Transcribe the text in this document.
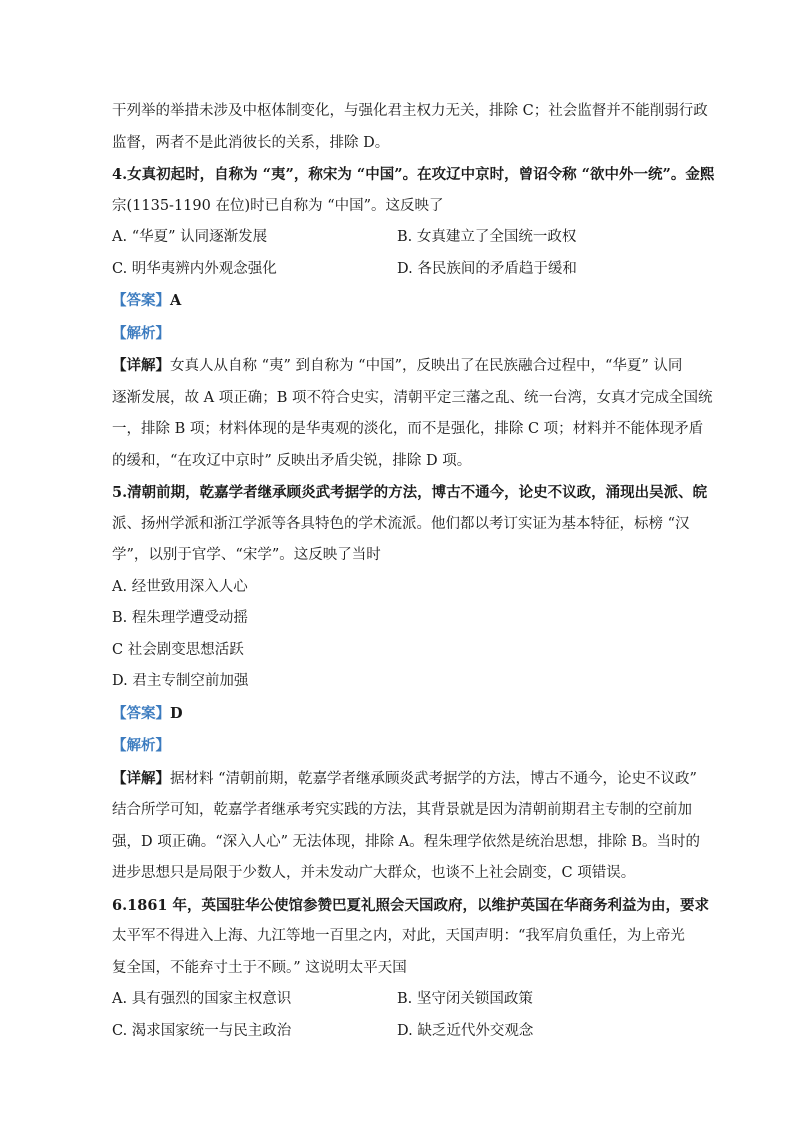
干列举的举措未涉及中枢体制变化，与强化君主权力无关，排除 C；社会监督并不能削弱行政

监督，两者不是此消彼长的关系，排除 D。

4.女真初起时，自称为 “夷”，称宋为 “中国”。在攻辽中京时，曾诏令称 “欲中外一统”。金熙

宗(1135-1190 在位)时已自称为 “中国”。这反映了

A. “华夏” 认同逐渐发展	B. 女真建立了全国统一政权
C. 明华夷辨内外观念强化	D. 各民族间的矛盾趋于缓和

【答案】A

【解析】

【详解】女真人从自称 “夷” 到自称为 “中国”，反映出了在民族融合过程中，“华夏” 认同

逐渐发展，故 A 项正确；B 项不符合史实，清朝平定三藩之乱、统一台湾，女真才完成全国统

一，排除 B 项；材料体现的是华夷观的淡化，而不是强化，排除 C 项；材料并不能体现矛盾

的缓和，“在攻辽中京时” 反映出矛盾尖锐，排除 D 项。

5.清朝前期，乾嘉学者继承顾炎武考据学的方法，博古不通今，论史不议政，涌现出吴派、皖

派、扬州学派和浙江学派等各具特色的学术流派。他们都以考订实证为基本特征，标榜 “汉

学”，以别于官学、“宋学”。这反映了当时

A. 经世致用深入人心

B. 程朱理学遭受动摇

C 社会剧变思想活跃

D. 君主专制空前加强

【答案】D

【解析】

【详解】据材料 “清朝前期，乾嘉学者继承顾炎武考据学的方法，博古不通今，论史不议政”

结合所学可知，乾嘉学者继承考究实践的方法，其背景就是因为清朝前期君主专制的空前加

强，D 项正确。“深入人心” 无法体现，排除 A。程朱理学依然是统治思想，排除 B。当时的

进步思想只是局限于少数人，并未发动广大群众，也谈不上社会剧变，C 项错误。

6.1861 年，英国驻华公使馆参赞巴夏礼照会天国政府，以维护英国在华商务利益为由，要求

太平军不得进入上海、九江等地一百里之内，对此，天国声明：“我军肩负重任，为上帝光

复全国，不能弃寸土于不顾。” 这说明太平天国

A. 具有强烈的国家主权意识	B. 坚守闭关锁国政策
C. 渴求国家统一与民主政治	D. 缺乏近代外交观念
